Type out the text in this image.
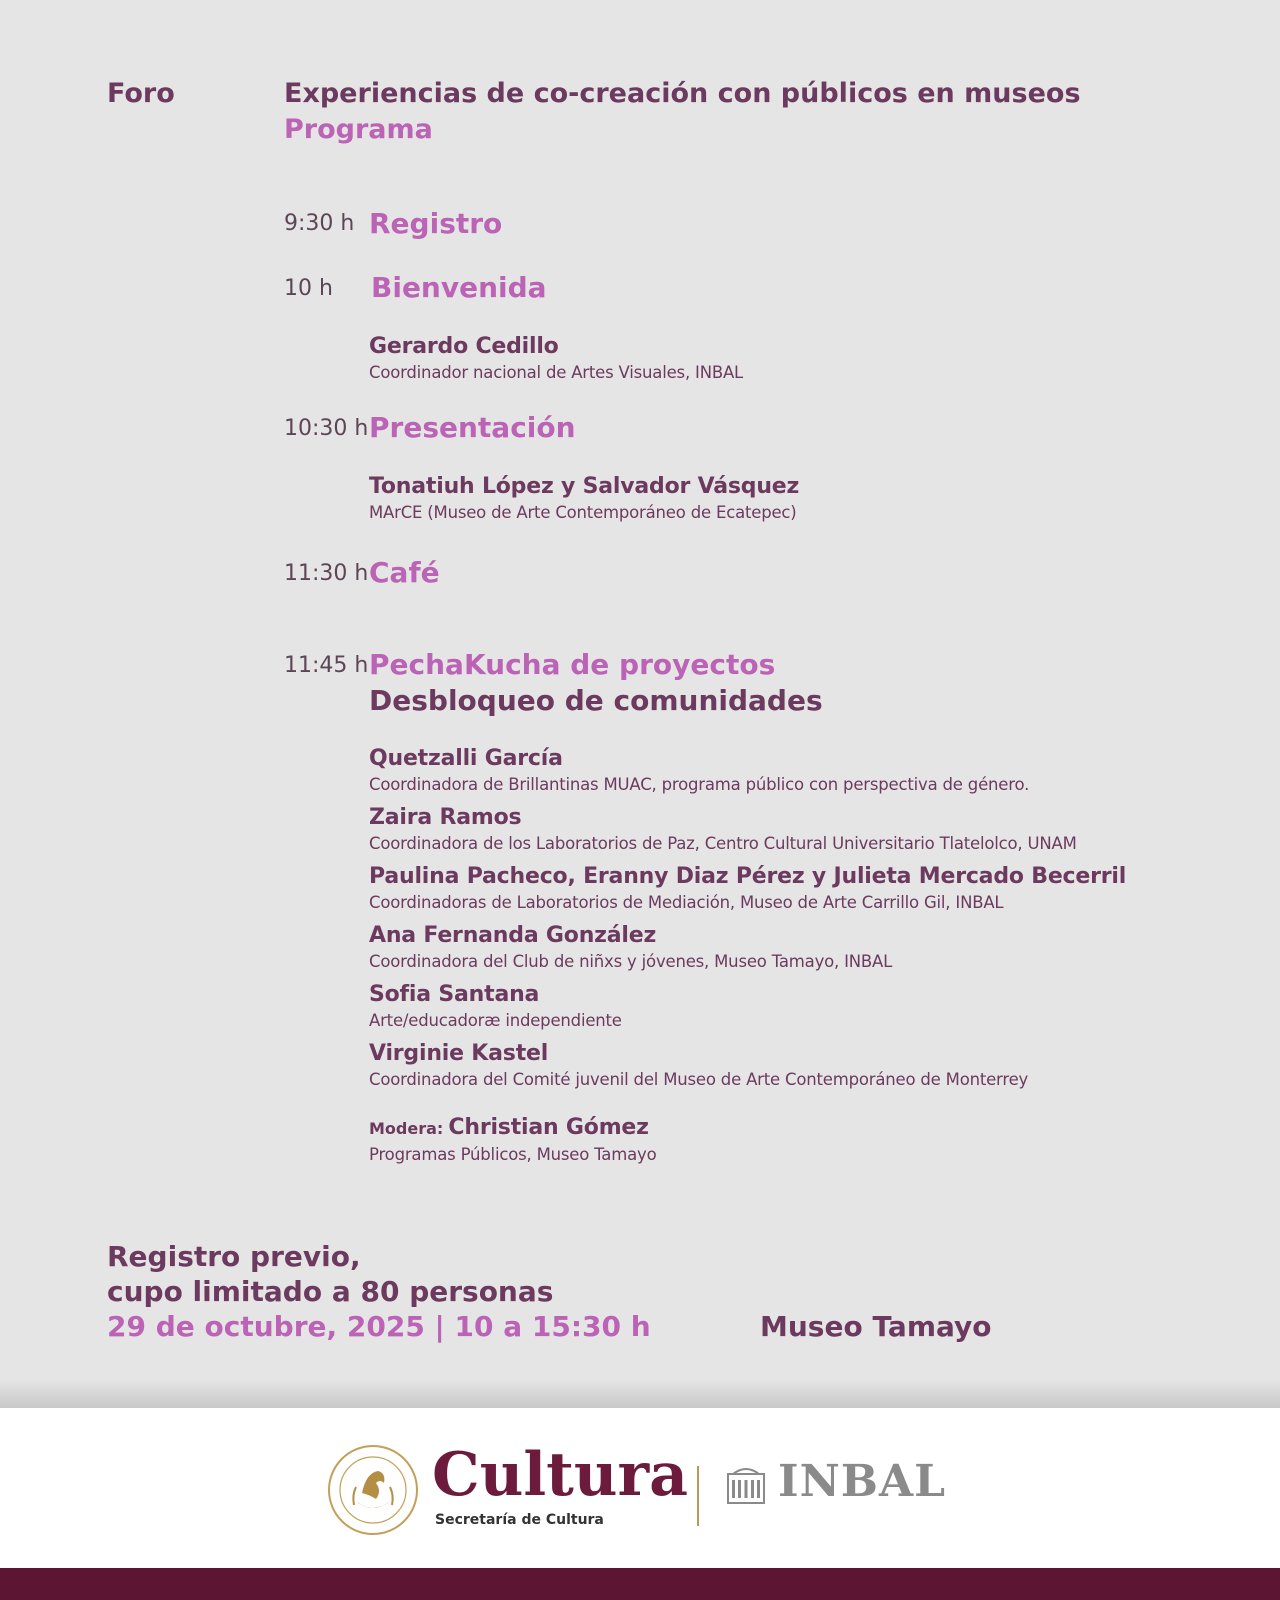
Foro	Experiencias de co-creación con públicos en museos
Programa
9:30 h Registro
10 h Bienvenida
Gerardo Cedillo
Coordinador nacional de Artes Visuales, INBAL
10:30 h Presentación
Tonatiuh López y Salvador Vásquez
MArCE (Museo de Arte Contemporáneo de Ecatepec)
11:30 h Café
11:45 h PechaKucha de proyectos
Desbloqueo de comunidades
Quetzalli García
Coordinadora de Brillantinas MUAC, programa público con perspectiva de género.
Zaira Ramos
Coordinadora de los Laboratorios de Paz, Centro Cultural Universitario Tlatelolco, UNAM
Paulina Pacheco, Eranny Diaz Pérez y Julieta Mercado Becerril
Coordinadoras de Laboratorios de Mediación, Museo de Arte Carrillo Gil, INBAL
Ana Fernanda González
Coordinadora del Club de niñxs y jóvenes, Museo Tamayo, INBAL
Sofia Santana
Arte/educadoræ independiente
Virginie Kastel
Coordinadora del Comité juvenil del Museo de Arte Contemporáneo de Monterrey
Modera: Christian Gómez
Programas Públicos, Museo Tamayo
Registro previo,
cupo limitado a 80 personas
29 de octubre, 2025 | 10 a 15:30 h	Museo Tamayo
Cultura
Secretaría de Cultura
INBAL
